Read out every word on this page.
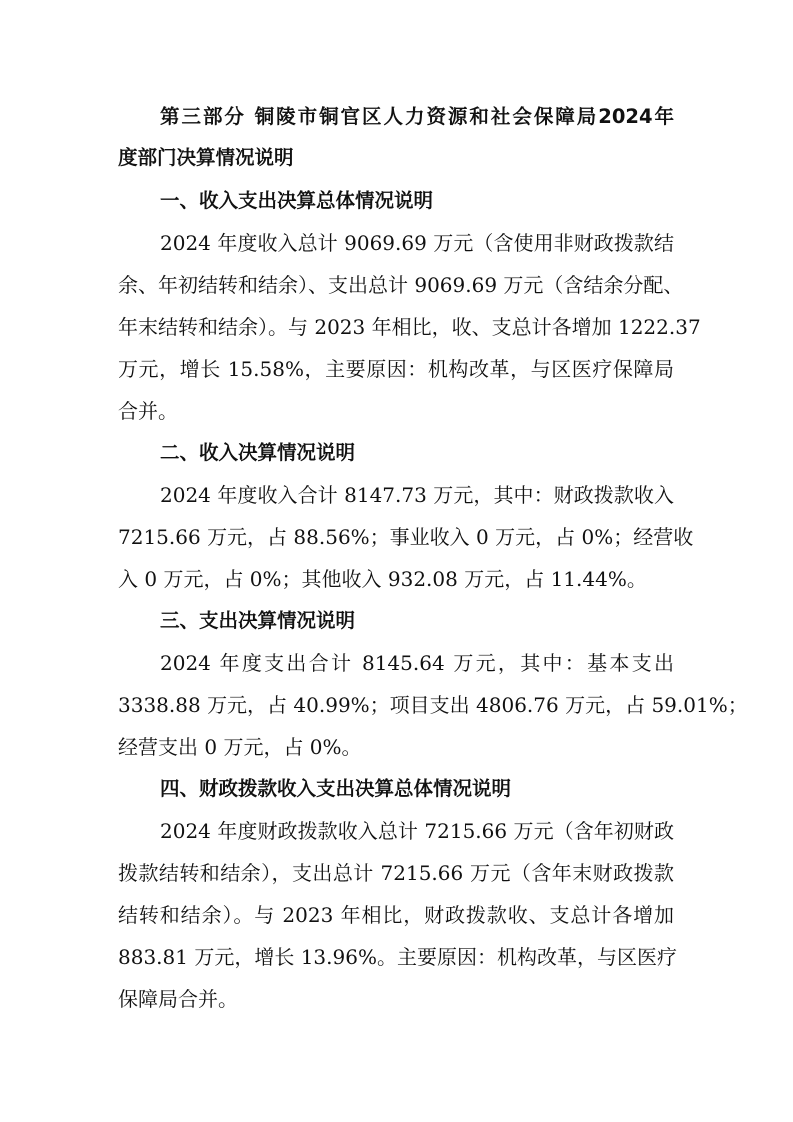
第三部分 铜陵市铜官区人力资源和社会保障局2024年
度部门决算情况说明
一、收入支出决算总体情况说明
2024 年度收入总计 9069.69 万元（含使用非财政拨款结
余、年初结转和结余）、支出总计 9069.69 万元（含结余分配、
年末结转和结余）。与 2023 年相比，收、支总计各增加 1222.37
万元，增长 15.58%，主要原因：机构改革，与区医疗保障局
合并。
二、收入决算情况说明
2024 年度收入合计 8147.73 万元，其中：财政拨款收入
7215.66 万元，占 88.56%；事业收入 0 万元，占 0%；经营收
入 0 万元，占 0%；其他收入 932.08 万元，占 11.44%。
三、支出决算情况说明
2024 年度支出合计 8145.64 万元，其中：基本支出
3338.88 万元，占 40.99%；项目支出 4806.76 万元，占 59.01%；
经营支出 0 万元，占 0%。
四、财政拨款收入支出决算总体情况说明
2024 年度财政拨款收入总计 7215.66 万元（含年初财政
拨款结转和结余），支出总计 7215.66 万元（含年末财政拨款
结转和结余）。与 2023 年相比，财政拨款收、支总计各增加
883.81 万元，增长 13.96%。主要原因：机构改革，与区医疗
保障局合并。
